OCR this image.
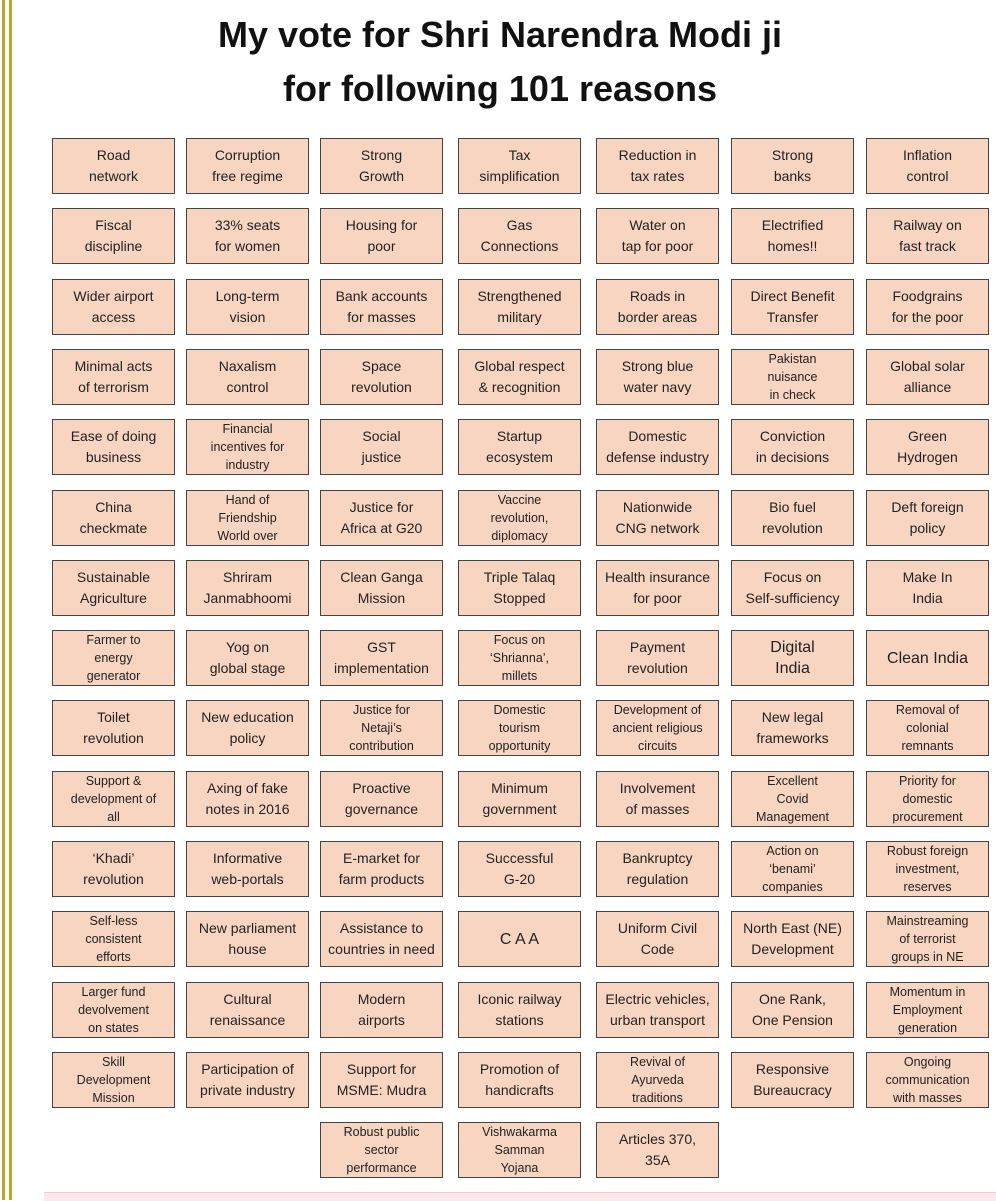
My vote for Shri Narendra Modi ji
for following 101 reasons
Road
network
Corruption
free regime
Strong
Growth
Tax
simplification
Reduction in
tax rates
Strong
banks
Inflation
control
Fiscal
discipline
33% seats
for women
Housing for
poor
Gas
Connections
Water on
tap for poor
Electrified
homes!!
Railway on
fast track
Wider airport
access
Long-term
vision
Bank accounts
for masses
Strengthened
military
Roads in
border areas
Direct Benefit
Transfer
Foodgrains
for the poor
Minimal acts
of terrorism
Naxalism
control
Space
revolution
Global respect
& recognition
Strong blue
water navy
Pakistan
nuisance
in check
Global solar
alliance
Ease of doing
business
Financial
incentives for
industry
Social
justice
Startup
ecosystem
Domestic
defense industry
Conviction
in decisions
Green
Hydrogen
China
checkmate
Hand of
Friendship
World over
Justice for
Africa at G20
Vaccine
revolution,
diplomacy
Nationwide
CNG network
Bio fuel
revolution
Deft foreign
policy
Sustainable
Agriculture
Shriram
Janmabhoomi
Clean Ganga
Mission
Triple Talaq
Stopped
Health insurance
for poor
Focus on
Self-sufficiency
Make In
India
Farmer to
energy
generator
Yog on
global stage
GST
implementation
Focus on
‘Shrianna’,
millets
Payment
revolution
Digital
India
Clean India
Toilet
revolution
New education
policy
Justice for
Netaji’s
contribution
Domestic
tourism
opportunity
Development of
ancient religious
circuits
New legal
frameworks
Removal of
colonial
remnants
Support &
development of
all
Axing of fake
notes in 2016
Proactive
governance
Minimum
government
Involvement
of masses
Excellent
Covid
Management
Priority for
domestic
procurement
‘Khadi’
revolution
Informative
web-portals
E-market for
farm products
Successful
G-20
Bankruptcy
regulation
Action on
‘benami’
companies
Robust foreign
investment,
reserves
Self-less
consistent
efforts
New parliament
house
Assistance to
countries in need
C A A
Uniform Civil
Code
North East (NE)
Development
Mainstreaming
of terrorist
groups in NE
Larger fund
devolvement
on states
Cultural
renaissance
Modern
airports
Iconic railway
stations
Electric vehicles,
urban transport
One Rank,
One Pension
Momentum in
Employment
generation
Skill
Development
Mission
Participation of
private industry
Support for
MSME: Mudra
Promotion of
handicrafts
Revival of
Ayurveda
traditions
Responsive
Bureaucracy
Ongoing
communication
with masses
Robust public
sector
performance
Vishwakarma
Samman
Yojana
Articles 370,
35A
